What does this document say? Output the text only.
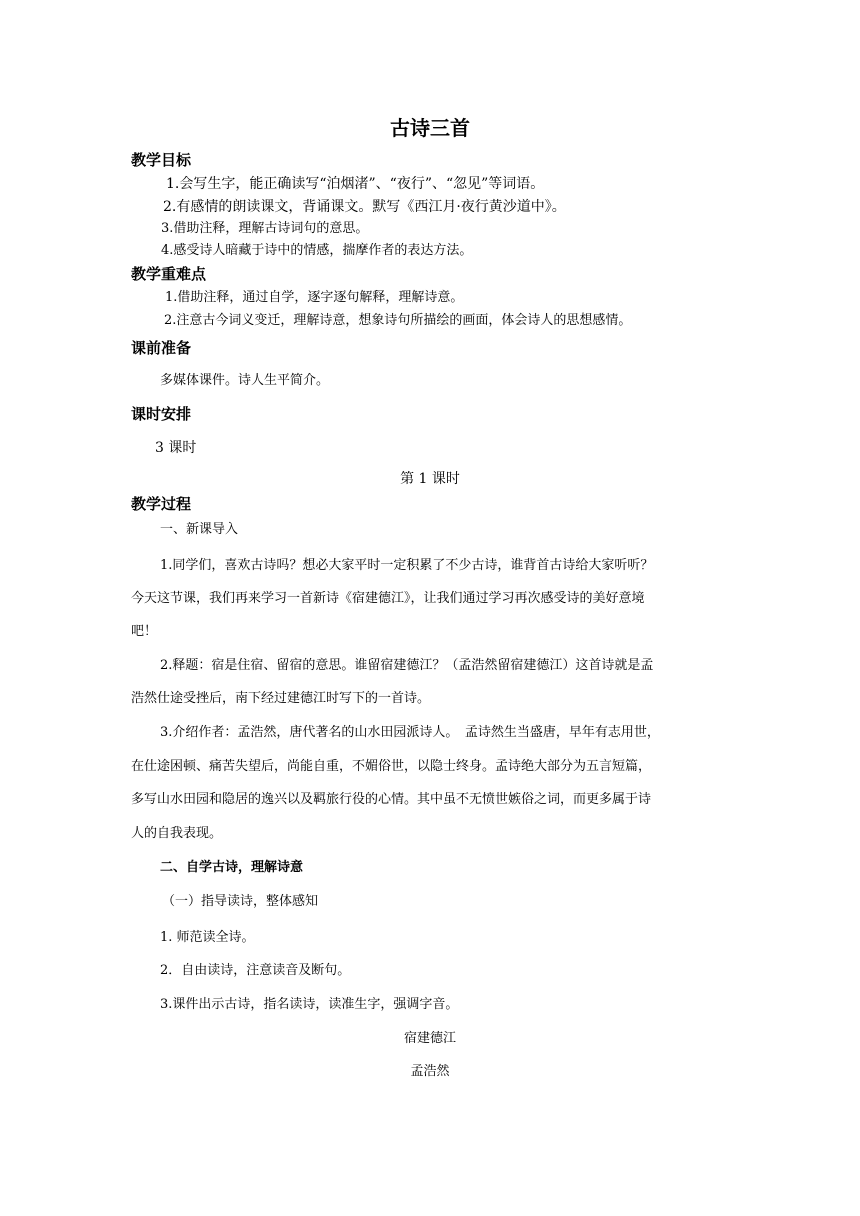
古诗三首
教学目标
1.会写生字，能正确读写“泊烟渚”、“夜行”、“忽见”等词语。
2.有感情的朗读课文，背诵课文。默写《西江月·夜行黄沙道中》。
3.借助注释，理解古诗词句的意思。
4.感受诗人暗藏于诗中的情感，揣摩作者的表达方法。
教学重难点
1.借助注释，通过自学，逐字逐句解释，理解诗意。
2.注意古今词义变迁，理解诗意，想象诗句所描绘的画面，体会诗人的思想感情。
课前准备
多媒体课件。诗人生平简介。
课时安排
3 课时
第 1 课时
教学过程
一、新课导入
1.同学们，喜欢古诗吗？想必大家平时一定积累了不少古诗，谁背首古诗给大家听听？
今天这节课，我们再来学习一首新诗《宿建德江》，让我们通过学习再次感受诗的美好意境
吧！
2.释题：宿是住宿、留宿的意思。谁留宿建德江？（孟浩然留宿建德江）这首诗就是孟
浩然仕途受挫后，南下经过建德江时写下的一首诗。
3.介绍作者：孟浩然，唐代著名的山水田园派诗人。　孟诗然生当盛唐，早年有志用世，
在仕途困顿、痛苦失望后，尚能自重，不媚俗世，以隐士终身。孟诗绝大部分为五言短篇，
多写山水田园和隐居的逸兴以及羁旅行役的心情。其中虽不无愤世嫉俗之词，而更多属于诗
人的自我表现。
二、自学古诗，理解诗意
（一）指导读诗，整体感知
1. 师范读全诗。
2．自由读诗，注意读音及断句。
3.课件出示古诗，指名读诗，读准生字，强调字音。
宿建德江
孟浩然
